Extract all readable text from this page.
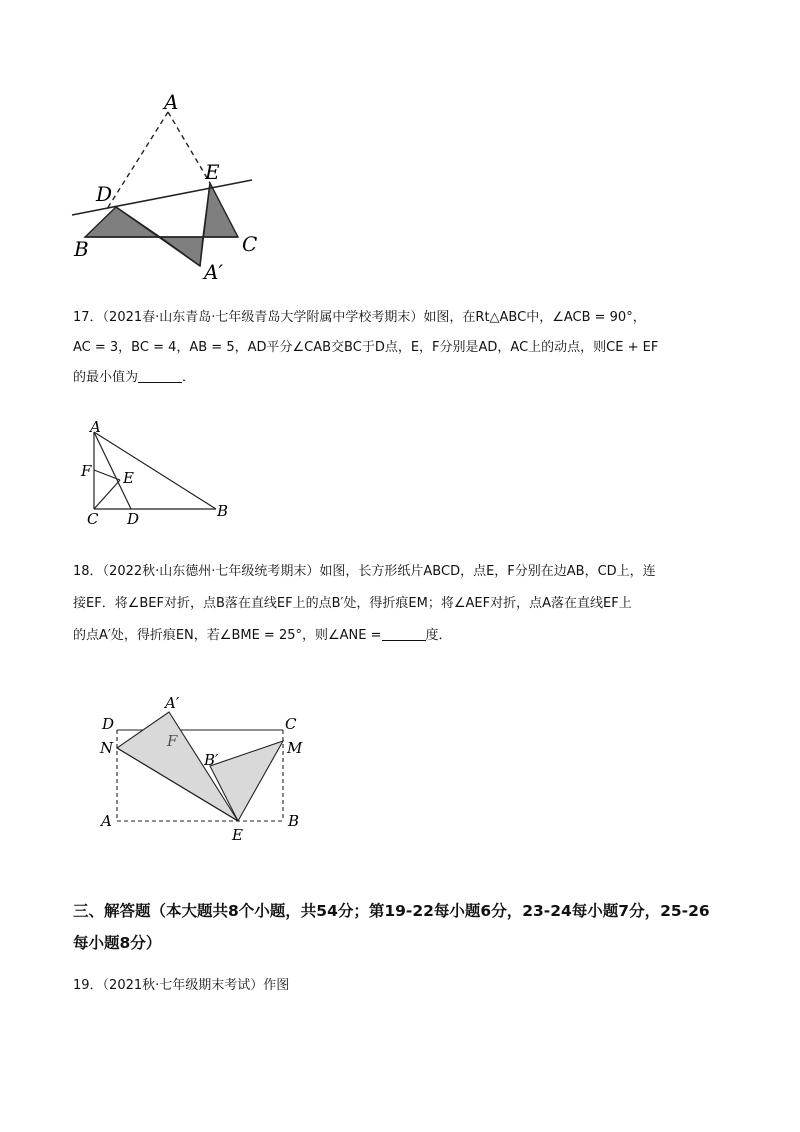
A
E
D
B	C
A′
17．（2021春·山东青岛·七年级青岛大学附属中学校考期末）如图，在Rt△ABC中，∠ACB = 90°，
AC = 3，BC = 4，AB = 5，AD平分∠CAB交BC于D点，E，F分别是AD，AC上的动点，则CE + EF
的最小值为	．
A
F E
C D	B
18．（2022秋·山东德州·七年级统考期末）如图，长方形纸片ABCD，点E，F分别在边AB，CD上，连
接EF．将∠BEF对折，点B落在直线EF上的点B′处，得折痕EM；将∠AEF对折，点A落在直线EF上
的点A′处，得折痕EN，若∠BME = 25°，则∠ANE =	度．
A′
D	C
N	M
F
B′
A
E
B
三、解答题（本大题共8个小题，共54分；第19-22每小题6分，23-24每小题7分，25-26
每小题8分）
19．（2021秋·七年级期末考试）作图
